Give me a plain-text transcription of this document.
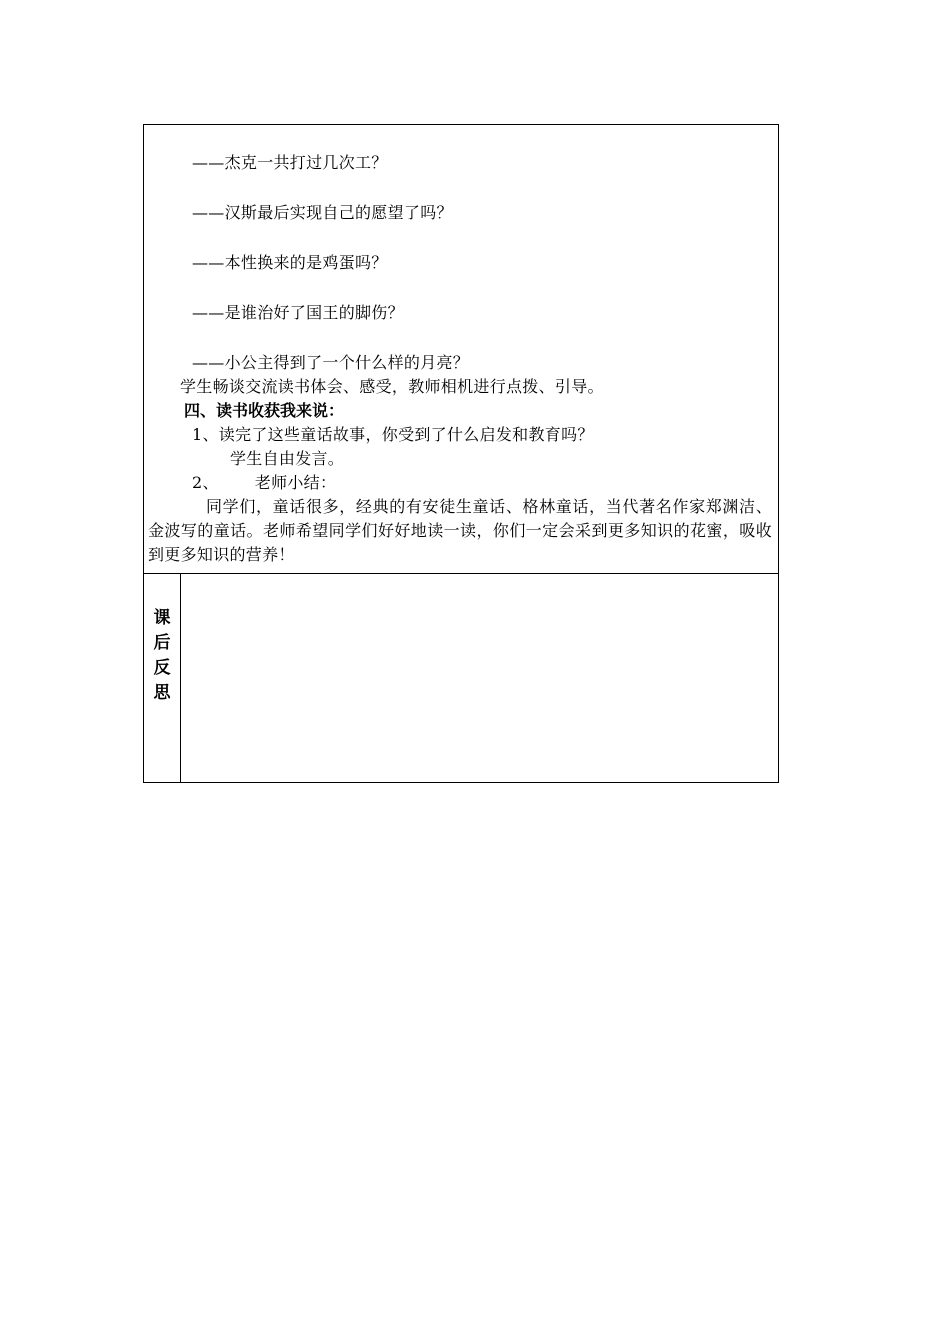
——杰克一共打过几次工？

——汉斯最后实现自己的愿望了吗？

——本性换来的是鸡蛋吗？

——是谁治好了国王的脚伤？

——小公主得到了一个什么样的月亮？

学生畅谈交流读书体会、感受，教师相机进行点拨、引导。

四、读书收获我来说：

1、读完了这些童话故事，你受到了什么启发和教育吗？

学生自由发言。

2、 老师小结：

同学们，童话很多，经典的有安徒生童话、格林童话，当代著名作家郑渊洁、金波写的童话。老师希望同学们好好地读一读，你们一定会采到更多知识的花蜜，吸收到更多知识的营养！

课后反思
